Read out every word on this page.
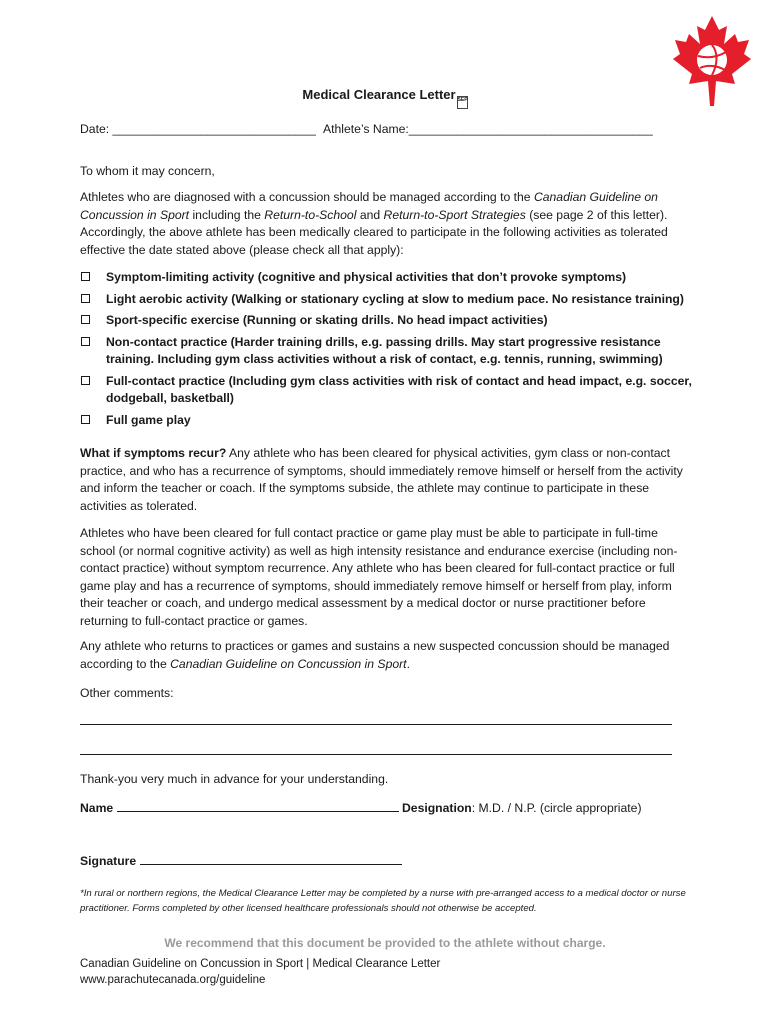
Medical Clearance Letter SEP
Date: ______________________________ Athlete’s Name:____________________________________
To whom it may concern,
Athletes who are diagnosed with a concussion should be managed according to the Canadian Guideline on Concussion in Sport including the Return-to-School and Return-to-Sport Strategies (see page 2 of this letter). Accordingly, the above athlete has been medically cleared to participate in the following activities as tolerated effective the date stated above (please check all that apply):
Symptom-limiting activity (cognitive and physical activities that don’t provoke symptoms)
Light aerobic activity (Walking or stationary cycling at slow to medium pace. No resistance training)
Sport-specific exercise (Running or skating drills. No head impact activities)
Non-contact practice (Harder training drills, e.g. passing drills. May start progressive resistance training. Including gym class activities without a risk of contact, e.g. tennis, running, swimming)
Full-contact practice (Including gym class activities with risk of contact and head impact, e.g. soccer, dodgeball, basketball)
Full game play
What if symptoms recur? Any athlete who has been cleared for physical activities, gym class or non-contact practice, and who has a recurrence of symptoms, should immediately remove himself or herself from the activity and inform the teacher or coach. If the symptoms subside, the athlete may continue to participate in these activities as tolerated.
Athletes who have been cleared for full contact practice or game play must be able to participate in full-time school (or normal cognitive activity) as well as high intensity resistance and endurance exercise (including non-contact practice) without symptom recurrence. Any athlete who has been cleared for full-contact practice or full game play and has a recurrence of symptoms, should immediately remove himself or herself from play, inform their teacher or coach, and undergo medical assessment by a medical doctor or nurse practitioner before returning to full-contact practice or games.
Any athlete who returns to practices or games and sustains a new suspected concussion should be managed according to the Canadian Guideline on Concussion in Sport.
Other comments:
Thank-you very much in advance for your understanding.
Name	Designation: M.D. / N.P. (circle appropriate)
Signature
*In rural or northern regions, the Medical Clearance Letter may be completed by a nurse with pre-arranged access to a medical doctor or nurse practitioner. Forms completed by other licensed healthcare professionals should not otherwise be accepted.
We recommend that this document be provided to the athlete without charge.
Canadian Guideline on Concussion in Sport | Medical Clearance Letter
www.parachutecanada.org/guideline
